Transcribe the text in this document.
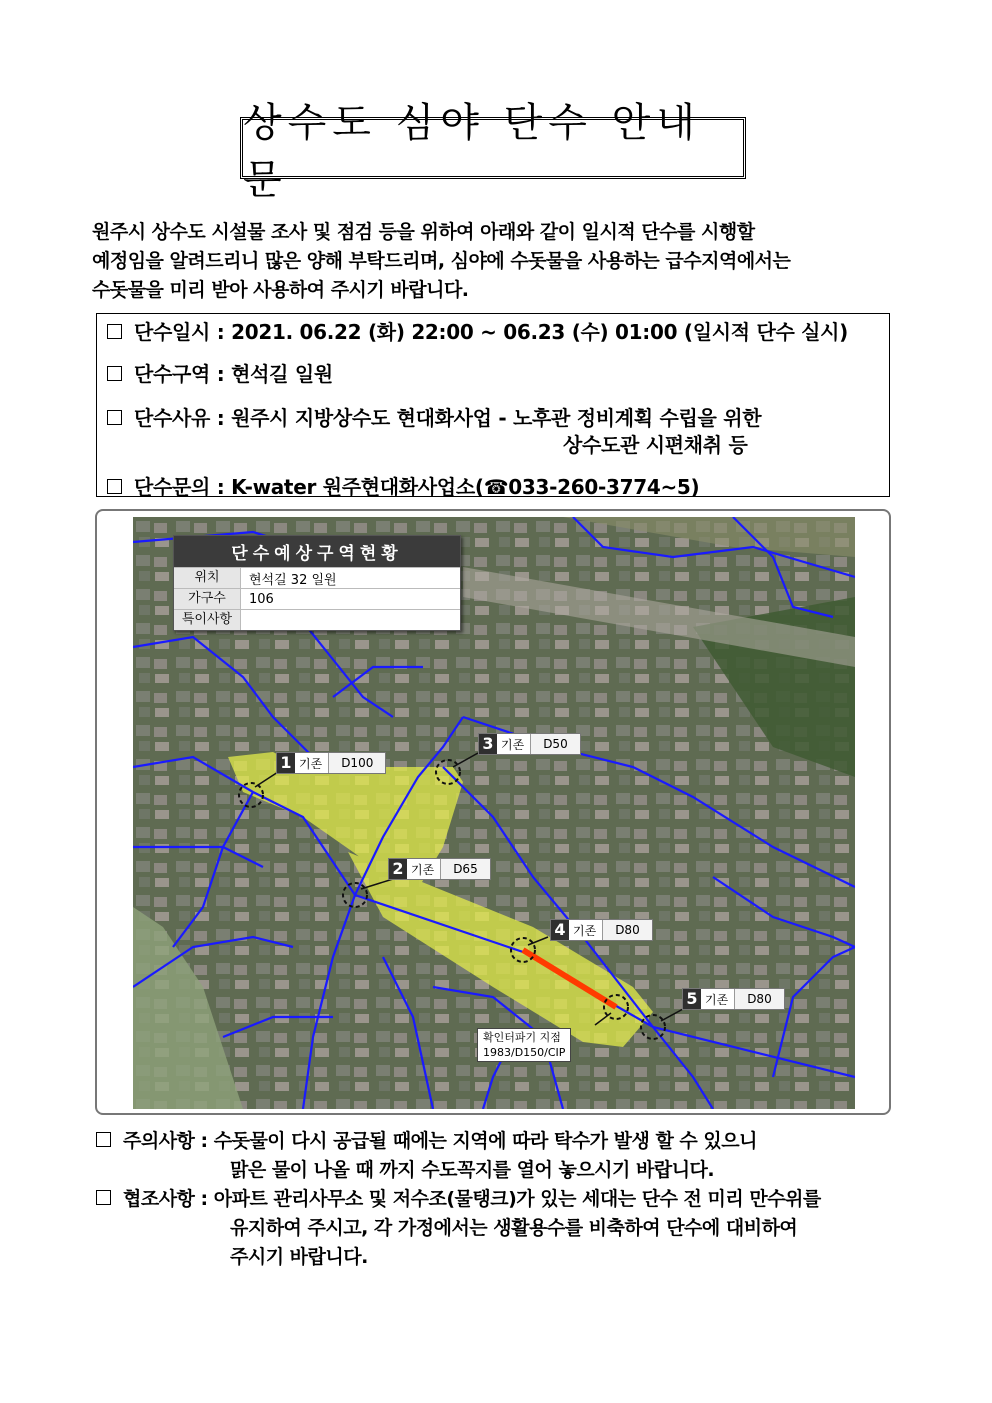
상수도 심야 단수 안내문

원주시 상수도 시설물 조사 및 점검 등을 위하여 아래와 같이 일시적 단수를 시행할

예정임을 알려드리니 많은 양해 부탁드리며, 심야에 수돗물을 사용하는 급수지역에서는

수돗물을 미리 받아 사용하여 주시기 바랍니다.

단수일시 : 2021. 06.22 (화) 22:00 ~ 06.23 (수) 01:00 (일시적 단수 실시)
단수구역 : 현석길 일원
단수사유 : 원주시 지방상수도 현대화사업 - 노후관 정비계획 수립을 위한
상수도관 시편채취 등
단수문의 : K-water 원주현대화사업소(☎033-260-3774~5)
단수예상구역현황
위치	현석길 32 일원
가구수	106
특이사항
1 기존	D100
3 기존	D50
2 기존	D65
4 기존	D80
5 기존	D80
확인터파기 지점
1983/D150/CIP
주의사항 : 수돗물이 다시 공급될 때에는 지역에 따라 탁수가 발생 할 수 있으니
맑은 물이 나올 때 까지 수도꼭지를 열어 놓으시기 바랍니다.
협조사항 : 아파트 관리사무소 및 저수조(물탱크)가 있는 세대는 단수 전 미리 만수위를
유지하여 주시고, 각 가정에서는 생활용수를 비축하여 단수에 대비하여
주시기 바랍니다.
